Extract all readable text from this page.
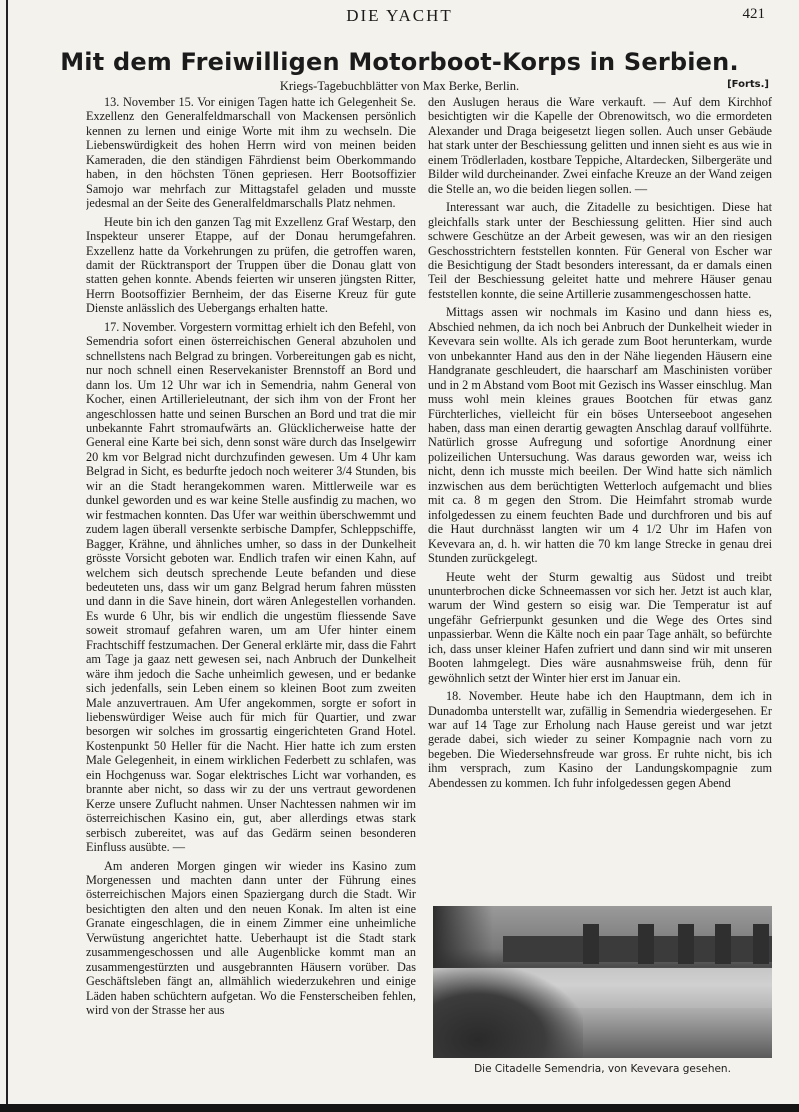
DIE YACHT	421
Mit dem Freiwilligen Motorboot-Korps in Serbien.
Kriegs-Tagebuchblätter von Max Berke, Berlin.	[Forts.]

13. November 15. Vor einigen Tagen hatte ich Gelegenheit Se. Exzellenz den Generalfeldmarschall von Mackensen persönlich kennen zu lernen und einige Worte mit ihm zu wechseln. Die Liebenswürdigkeit des hohen Herrn wird von meinen beiden Kameraden, die den ständigen Fährdienst beim Oberkommando haben, in den höchsten Tönen gepriesen. Herr Bootsoffizier Samojo war mehrfach zur Mittagstafel geladen und musste jedesmal an der Seite des Generalfeldmarschalls Platz nehmen.

Heute bin ich den ganzen Tag mit Exzellenz Graf Westarp, den Inspekteur unserer Etappe, auf der Donau herumgefahren. Exzellenz hatte da Vorkehrungen zu prüfen, die getroffen waren, damit der Rücktransport der Truppen über die Donau glatt von statten gehen konnte. Abends feierten wir unseren jüngsten Ritter, Herrn Bootsoffizier Bernheim, der das Eiserne Kreuz für gute Dienste anlässlich des Uebergangs erhalten hatte.

17. November. Vorgestern vormittag erhielt ich den Befehl, von Semendria sofort einen österreichischen General abzuholen und schnellstens nach Belgrad zu bringen. Vorbereitungen gab es nicht, nur noch schnell einen Reservekanister Brennstoff an Bord und dann los. Um 12 Uhr war ich in Semendria, nahm General von Kocher, einen Artillerieleutnant, der sich ihm von der Front her angeschlossen hatte und seinen Burschen an Bord und trat die mir unbekannte Fahrt stromaufwärts an. Glücklicherweise hatte der General eine Karte bei sich, denn sonst wäre durch das Inselgewirr 20 km vor Belgrad nicht durchzufinden gewesen. Um 4 Uhr kam Belgrad in Sicht, es bedurfte jedoch noch weiterer 3/4 Stunden, bis wir an die Stadt herangekommen waren. Mittlerweile war es dunkel geworden und es war keine Stelle ausfindig zu machen, wo wir festmachen konnten. Das Ufer war weithin überschwemmt und zudem lagen überall versenkte serbische Dampfer, Schleppschiffe, Bagger, Krähne, und ähnliches umher, so dass in der Dunkelheit grösste Vorsicht geboten war. Endlich trafen wir einen Kahn, auf welchem sich deutsch sprechende Leute befanden und diese bedeuteten uns, dass wir um ganz Belgrad herum fahren müssten und dann in die Save hinein, dort wären Anlegestellen vorhanden. Es wurde 6 Uhr, bis wir endlich die ungestüm fliessende Save soweit stromauf gefahren waren, um am Ufer hinter einem Frachtschiff festzumachen. Der General erklärte mir, dass die Fahrt am Tage ja gaaz nett gewesen sei, nach Anbruch der Dunkelheit wäre ihm jedoch die Sache unheimlich gewesen, und er bedanke sich jedenfalls, sein Leben einem so kleinen Boot zum zweiten Male anzuvertrauen. Am Ufer angekommen, sorgte er sofort in liebenswürdiger Weise auch für mich für Quartier, und zwar besorgen wir solches im grossartig eingerichteten Grand Hotel. Kostenpunkt 50 Heller für die Nacht. Hier hatte ich zum ersten Male Gelegenheit, in einem wirklichen Federbett zu schlafen, was ein Hochgenuss war. Sogar elektrisches Licht war vorhanden, es brannte aber nicht, so dass wir zu der uns vertraut gewordenen Kerze unsere Zuflucht nahmen. Unser Nachtessen nahmen wir im österreichischen Kasino ein, gut, aber allerdings etwas stark serbisch zubereitet, was auf das Gedärm seinen besonderen Einfluss ausübte. —

Am anderen Morgen gingen wir wieder ins Kasino zum Morgenessen und machten dann unter der Führung eines österreichischen Majors einen Spaziergang durch die Stadt. Wir besichtigten den alten und den neuen Konak. Im alten ist eine Granate eingeschlagen, die in einem Zimmer eine unheimliche Verwüstung angerichtet hatte. Ueberhaupt ist die Stadt stark zusammengeschossen und alle Augenblicke kommt man an zusammengestürzten und ausgebrannten Häusern vorüber. Das Geschäftsleben fängt an, allmählich wiederzukehren und einige Läden haben schüchtern aufgetan. Wo die Fensterscheiben fehlen, wird von der Strasse her aus

den Auslugen heraus die Ware verkauft. — Auf dem Kirchhof besichtigten wir die Kapelle der Obrenowitsch, wo die ermordeten Alexander und Draga beigesetzt liegen sollen. Auch unser Gebäude hat stark unter der Beschiessung gelitten und innen sieht es aus wie in einem Trödlerladen, kostbare Teppiche, Altardecken, Silbergeräte und Bilder wild durcheinander. Zwei einfache Kreuze an der Wand zeigen die Stelle an, wo die beiden liegen sollen. —

Interessant war auch, die Zitadelle zu besichtigen. Diese hat gleichfalls stark unter der Beschiessung gelitten. Hier sind auch schwere Geschütze an der Arbeit gewesen, was wir an den riesigen Geschosstrichtern feststellen konnten. Für General von Escher war die Besichtigung der Stadt besonders interessant, da er damals einen Teil der Beschiessung geleitet hatte und mehrere Häuser genau feststellen konnte, die seine Artillerie zusammengeschossen hatte.

Mittags assen wir nochmals im Kasino und dann hiess es, Abschied nehmen, da ich noch bei Anbruch der Dunkelheit wieder in Kevevara sein wollte. Als ich gerade zum Boot herunterkam, wurde von unbekannter Hand aus den in der Nähe liegenden Häusern eine Handgranate geschleudert, die haarscharf am Maschinisten vorüber und in 2 m Abstand vom Boot mit Gezisch ins Wasser einschlug. Man muss wohl mein kleines graues Bootchen für etwas ganz Fürchterliches, vielleicht für ein böses Unterseeboot angesehen haben, dass man einen derartig gewagten Anschlag darauf vollführte. Natürlich grosse Aufregung und sofortige Anordnung einer polizeilichen Untersuchung. Was daraus geworden war, weiss ich nicht, denn ich musste mich beeilen. Der Wind hatte sich nämlich inzwischen aus dem berüchtigten Wetterloch aufgemacht und blies mit ca. 8 m gegen den Strom. Die Heimfahrt stromab wurde infolgedessen zu einem feuchten Bade und durchfroren und bis auf die Haut durchnässt langten wir um 4 1/2 Uhr im Hafen von Kevevara an, d. h. wir hatten die 70 km lange Strecke in genau drei Stunden zurückgelegt.

Heute weht der Sturm gewaltig aus Südost und treibt ununterbrochen dicke Schneemassen vor sich her. Jetzt ist auch klar, warum der Wind gestern so eisig war. Die Temperatur ist auf ungefähr Gefrierpunkt gesunken und die Wege des Ortes sind unpassierbar. Wenn die Kälte noch ein paar Tage anhält, so befürchte ich, dass unser kleiner Hafen zufriert und dann sind wir mit unseren Booten lahmgelegt. Dies wäre ausnahmsweise früh, denn für gewöhnlich setzt der Winter hier erst im Januar ein.

18. November. Heute habe ich den Hauptmann, dem ich in Dunadomba unterstellt war, zufällig in Semendria wiedergesehen. Er war auf 14 Tage zur Erholung nach Hause gereist und war jetzt gerade dabei, sich wieder zu seiner Kompagnie nach vorn zu begeben. Die Wiedersehnsfreude war gross. Er ruhte nicht, bis ich ihm versprach, zum Kasino der Landungskompagnie zum Abendessen zu kommen. Ich fuhr infolgedessen gegen Abend

Die Citadelle Semendria, von Kevevara gesehen.
